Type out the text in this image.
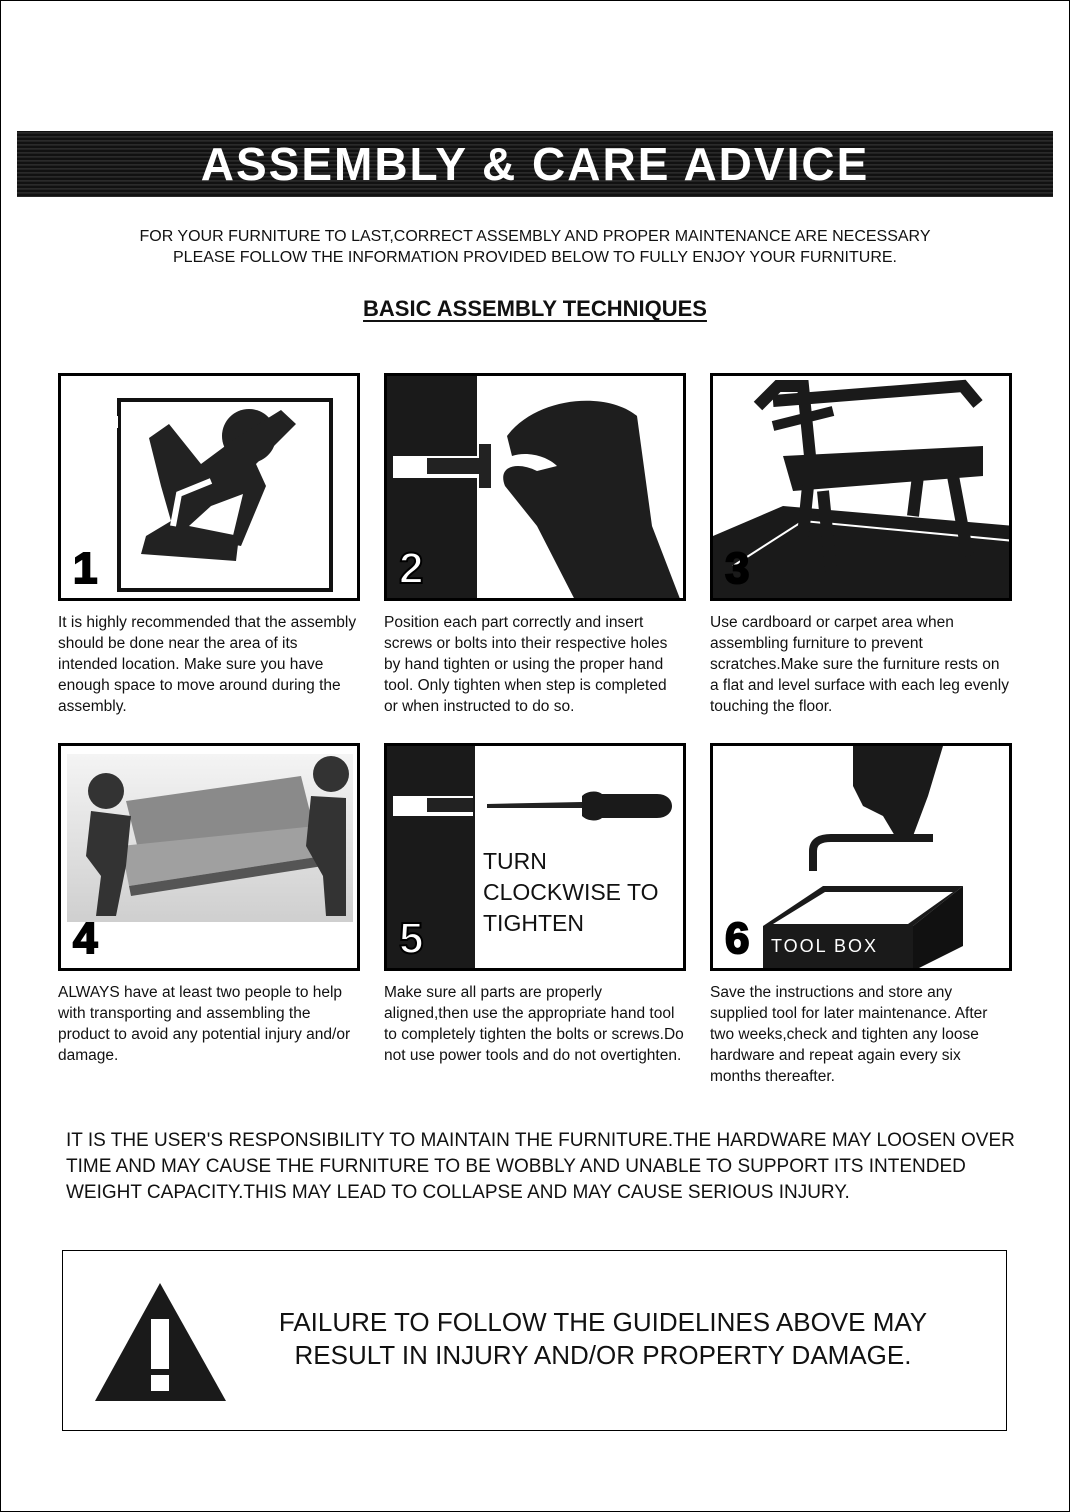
ASSEMBLY & CARE ADVICE
FOR YOUR FURNITURE TO LAST,CORRECT ASSEMBLY AND PROPER MAINTENANCE ARE NECESSARY
PLEASE FOLLOW THE INFORMATION PROVIDED BELOW TO FULLY ENJOY YOUR FURNITURE.
BASIC ASSEMBLY TECHNIQUES
1
It is highly recommended that the assembly should be done near the area of its intended location. Make sure you have enough space to move around during the assembly.
2
Position each part correctly and insert screws or bolts into their respective holes by hand tighten or using the proper hand tool. Only tighten when step is completed or when instructed to do so.
3
Use cardboard or carpet area when assembling furniture to prevent scratches.Make sure the furniture rests on a flat and level surface with each leg evenly touching the floor.
4
ALWAYS have at least two people to help with transporting and assembling the product to avoid any potential injury and/or damage.
TURN
CLOCKWISE TO
TIGHTEN
5
Make sure all parts are properly aligned,then use the appropriate hand tool to completely tighten the bolts or screws.Do not use power tools and do not overtighten.
TOOL BOX
6
Save the instructions and store any supplied tool for later maintenance. After two weeks,check and tighten any loose hardware and repeat again every six months thereafter.
IT IS THE USER'S RESPONSIBILITY TO MAINTAIN THE FURNITURE.THE HARDWARE MAY LOOSEN OVER TIME AND MAY CAUSE THE FURNITURE TO BE WOBBLY AND UNABLE TO SUPPORT ITS INTENDED WEIGHT CAPACITY.THIS MAY LEAD TO COLLAPSE AND MAY CAUSE SERIOUS INJURY.
FAILURE TO FOLLOW THE GUIDELINES ABOVE MAY
RESULT IN INJURY AND/OR PROPERTY DAMAGE.
